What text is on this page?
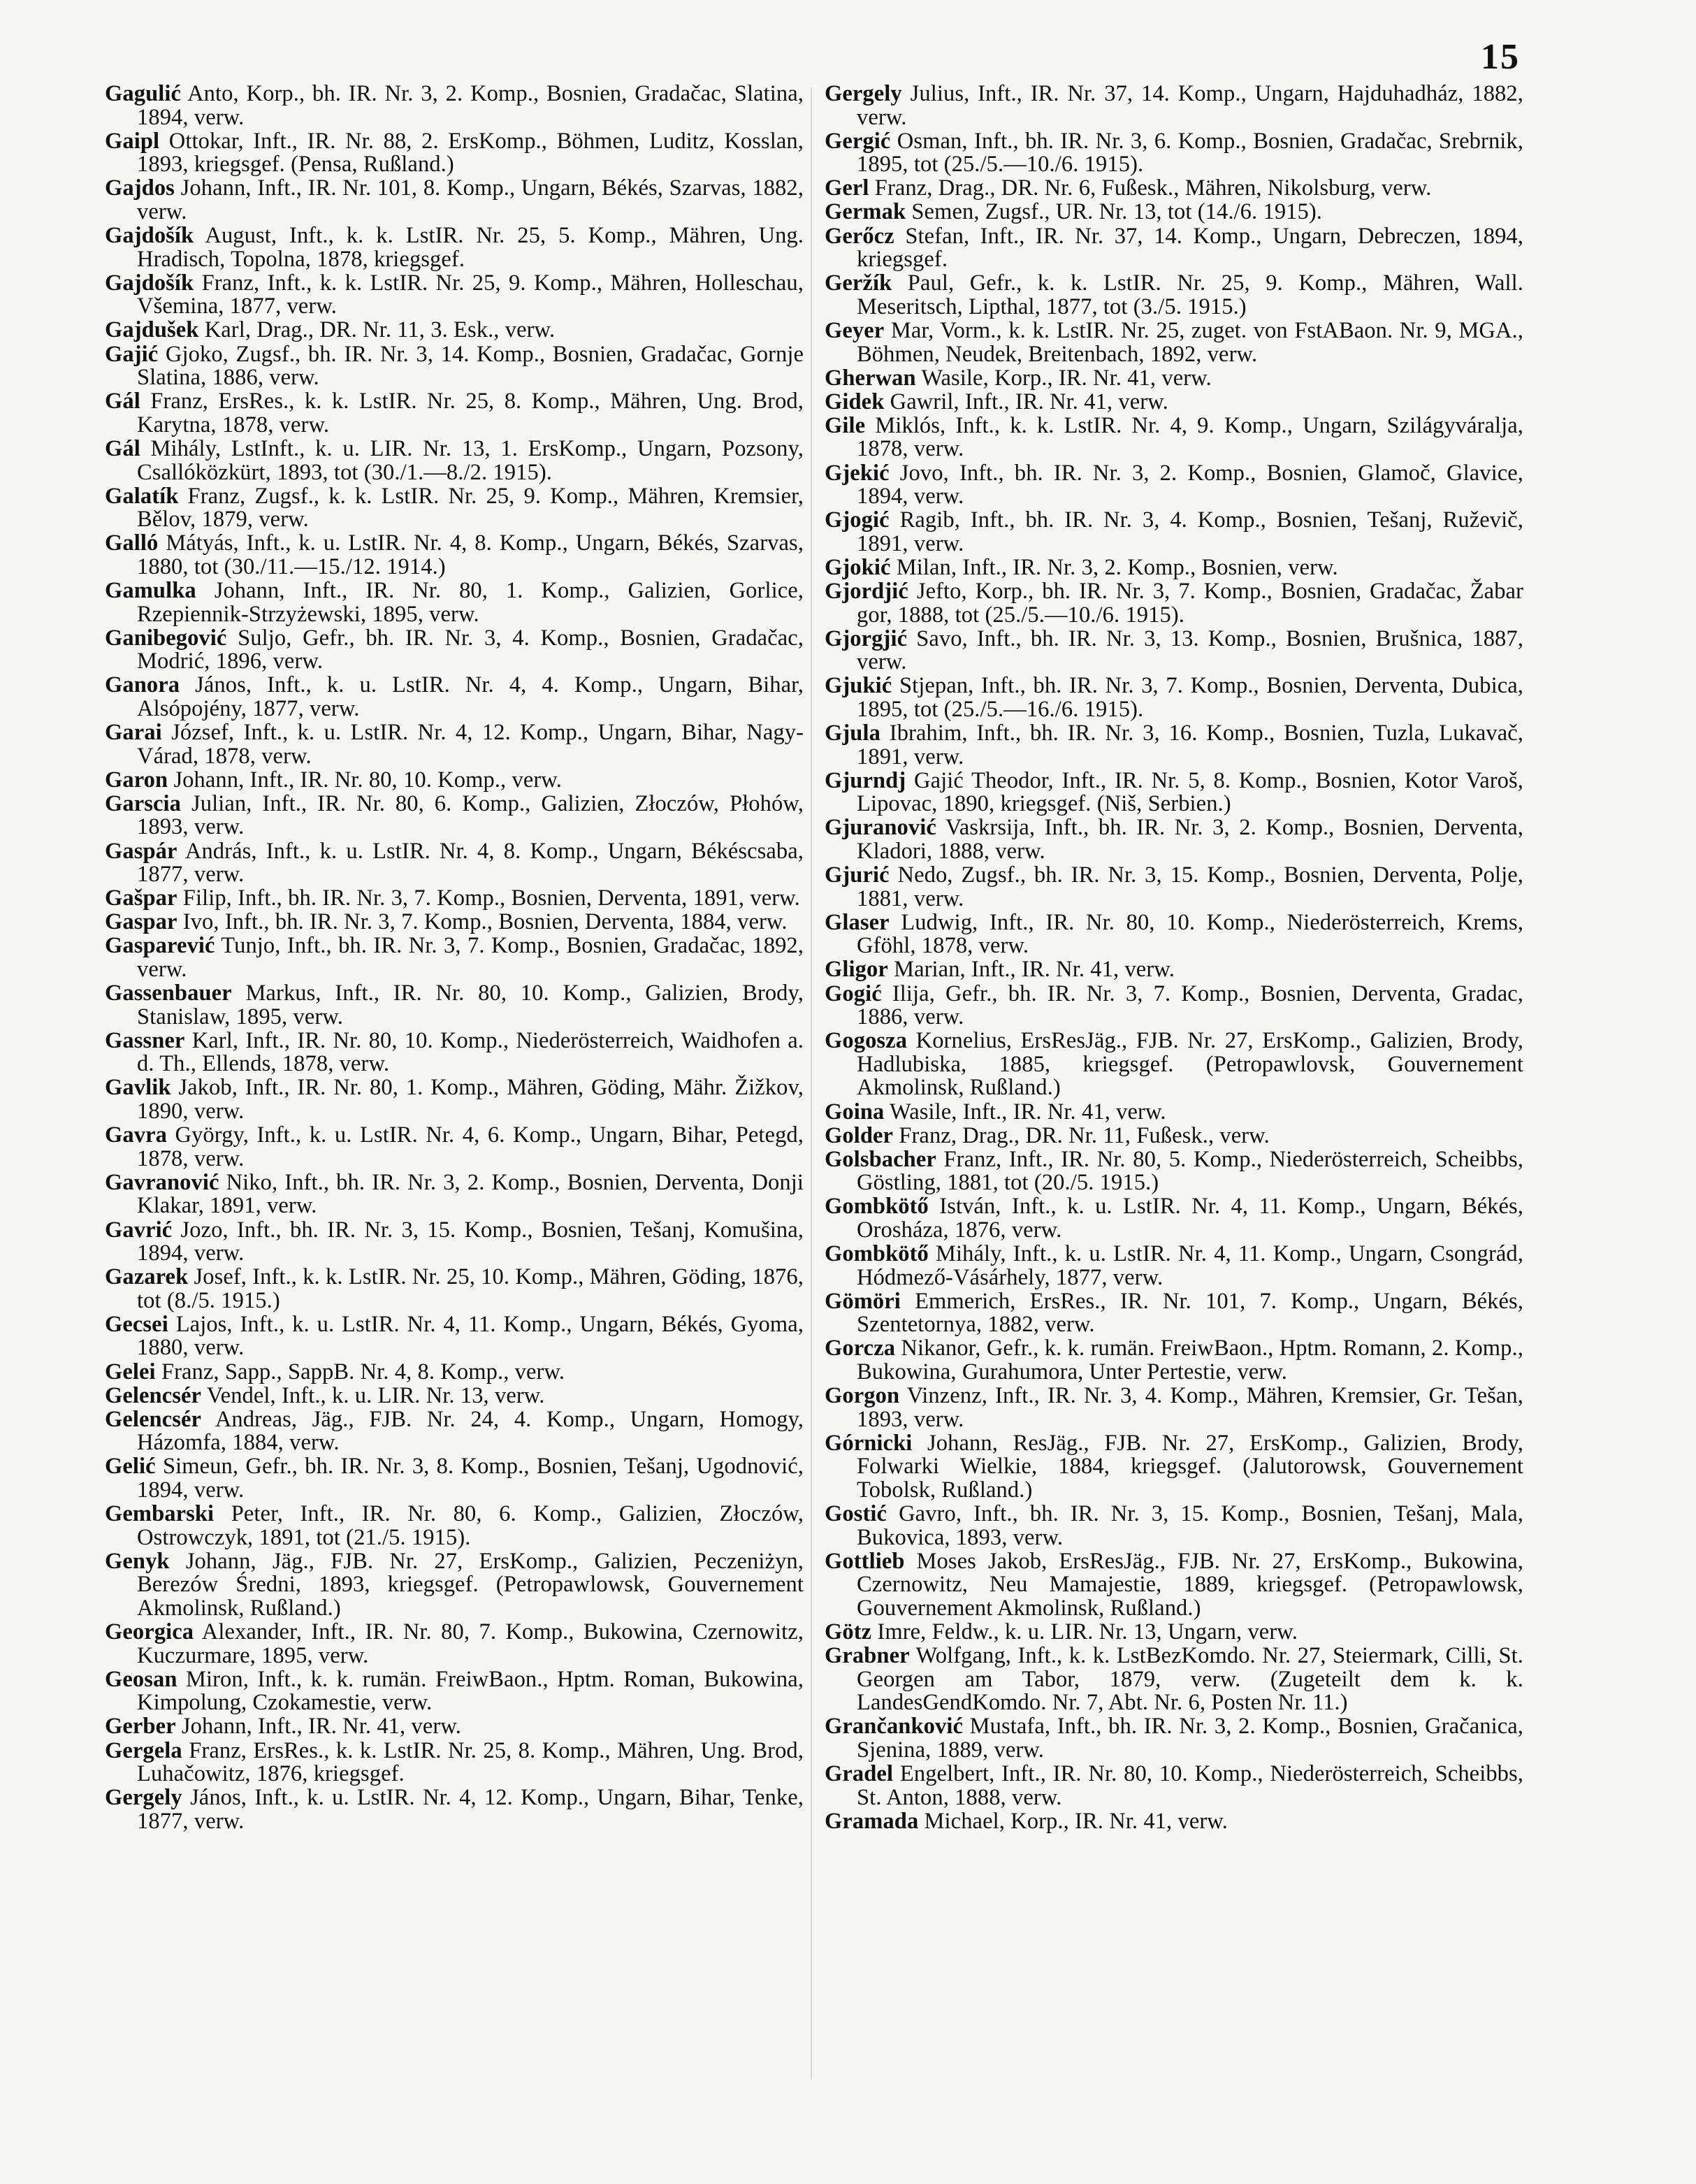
15

Gagulić Anto, Korp., bh. IR. Nr. 3, 2. Komp., Bosnien, Gradačac, Slatina, 1894, verw.

Gaipl Ottokar, Inft., IR. Nr. 88, 2. ErsKomp., Böhmen, Luditz, Kosslan, 1893, kriegsgef. (Pensa, Rußland.)

Gajdos Johann, Inft., IR. Nr. 101, 8. Komp., Ungarn, Békés, Szarvas, 1882, verw.

Gajdošík August, Inft., k. k. LstIR. Nr. 25, 5. Komp., Mähren, Ung. Hradisch, Topolna, 1878, kriegsgef.

Gajdošík Franz, Inft., k. k. LstIR. Nr. 25, 9. Komp., Mähren, Holleschau, Všemina, 1877, verw.

Gajdušek Karl, Drag., DR. Nr. 11, 3. Esk., verw.

Gajić Gjoko, Zugsf., bh. IR. Nr. 3, 14. Komp., Bosnien, Gradačac, Gornje Slatina, 1886, verw.

Gál Franz, ErsRes., k. k. LstIR. Nr. 25, 8. Komp., Mähren, Ung. Brod, Karytna, 1878, verw.

Gál Mihály, LstInft., k. u. LIR. Nr. 13, 1. ErsKomp., Ungarn, Pozsony, Csallóközkürt, 1893, tot (30./1.—8./2. 1915).

Galatík Franz, Zugsf., k. k. LstIR. Nr. 25, 9. Komp., Mähren, Kremsier, Bělov, 1879, verw.

Galló Mátyás, Inft., k. u. LstIR. Nr. 4, 8. Komp., Ungarn, Békés, Szarvas, 1880, tot (30./11.—15./12. 1914.)

Gamulka Johann, Inft., IR. Nr. 80, 1. Komp., Galizien, Gorlice, Rzepiennik-Strzyżewski, 1895, verw.

Ganibegović Suljo, Gefr., bh. IR. Nr. 3, 4. Komp., Bosnien, Gradačac, Modrić, 1896, verw.

Ganora János, Inft., k. u. LstIR. Nr. 4, 4. Komp., Ungarn, Bihar, Alsópojény, 1877, verw.

Garai József, Inft., k. u. LstIR. Nr. 4, 12. Komp., Ungarn, Bihar, Nagy-Várad, 1878, verw.

Garon Johann, Inft., IR. Nr. 80, 10. Komp., verw.

Garscia Julian, Inft., IR. Nr. 80, 6. Komp., Galizien, Złoczów, Płohów, 1893, verw.

Gaspár András, Inft., k. u. LstIR. Nr. 4, 8. Komp., Ungarn, Békéscsaba, 1877, verw.

Gašpar Filip, Inft., bh. IR. Nr. 3, 7. Komp., Bosnien, Derventa, 1891, verw.

Gaspar Ivo, Inft., bh. IR. Nr. 3, 7. Komp., Bosnien, Derventa, 1884, verw.

Gasparević Tunjo, Inft., bh. IR. Nr. 3, 7. Komp., Bosnien, Gradačac, 1892, verw.

Gassenbauer Markus, Inft., IR. Nr. 80, 10. Komp., Galizien, Brody, Stanislaw, 1895, verw.

Gassner Karl, Inft., IR. Nr. 80, 10. Komp., Niederösterreich, Waidhofen a. d. Th., Ellends, 1878, verw.

Gavlik Jakob, Inft., IR. Nr. 80, 1. Komp., Mähren, Göding, Mähr. Žižkov, 1890, verw.

Gavra György, Inft., k. u. LstIR. Nr. 4, 6. Komp., Ungarn, Bihar, Petegd, 1878, verw.

Gavranović Niko, Inft., bh. IR. Nr. 3, 2. Komp., Bosnien, Derventa, Donji Klakar, 1891, verw.

Gavrić Jozo, Inft., bh. IR. Nr. 3, 15. Komp., Bosnien, Tešanj, Komušina, 1894, verw.

Gazarek Josef, Inft., k. k. LstIR. Nr. 25, 10. Komp., Mähren, Göding, 1876, tot (8./5. 1915.)

Gecsei Lajos, Inft., k. u. LstIR. Nr. 4, 11. Komp., Ungarn, Békés, Gyoma, 1880, verw.

Gelei Franz, Sapp., SappB. Nr. 4, 8. Komp., verw.

Gelencsér Vendel, Inft., k. u. LIR. Nr. 13, verw.

Gelencsér Andreas, Jäg., FJB. Nr. 24, 4. Komp., Ungarn, Homogy, Házomfa, 1884, verw.

Gelić Simeun, Gefr., bh. IR. Nr. 3, 8. Komp., Bosnien, Tešanj, Ugodnović, 1894, verw.

Gembarski Peter, Inft., IR. Nr. 80, 6. Komp., Galizien, Złoczów, Ostrowczyk, 1891, tot (21./5. 1915).

Genyk Johann, Jäg., FJB. Nr. 27, ErsKomp., Galizien, Peczeniżyn, Berezów Średni, 1893, kriegsgef. (Petropawlowsk, Gouvernement Akmolinsk, Rußland.)

Georgica Alexander, Inft., IR. Nr. 80, 7. Komp., Bukowina, Czernowitz, Kuczurmare, 1895, verw.

Geosan Miron, Inft., k. k. rumän. FreiwBaon., Hptm. Roman, Bukowina, Kimpolung, Czokamestie, verw.

Gerber Johann, Inft., IR. Nr. 41, verw.

Gergela Franz, ErsRes., k. k. LstIR. Nr. 25, 8. Komp., Mähren, Ung. Brod, Luhačowitz, 1876, kriegsgef.

Gergely János, Inft., k. u. LstIR. Nr. 4, 12. Komp., Ungarn, Bihar, Tenke, 1877, verw.

Gergely Julius, Inft., IR. Nr. 37, 14. Komp., Ungarn, Hajduhadház, 1882, verw.

Gergić Osman, Inft., bh. IR. Nr. 3, 6. Komp., Bosnien, Gradačac, Srebrnik, 1895, tot (25./5.—10./6. 1915).

Gerl Franz, Drag., DR. Nr. 6, Fußesk., Mähren, Nikolsburg, verw.

Germak Semen, Zugsf., UR. Nr. 13, tot (14./6. 1915).

Gerőcz Stefan, Inft., IR. Nr. 37, 14. Komp., Ungarn, Debreczen, 1894, kriegsgef.

Geržík Paul, Gefr., k. k. LstIR. Nr. 25, 9. Komp., Mähren, Wall. Meseritsch, Lipthal, 1877, tot (3./5. 1915.)

Geyer Mar, Vorm., k. k. LstIR. Nr. 25, zuget. von FstABaon. Nr. 9, MGA., Böhmen, Neudek, Breitenbach, 1892, verw.

Gherwan Wasile, Korp., IR. Nr. 41, verw.

Gidek Gawril, Inft., IR. Nr. 41, verw.

Gile Miklós, Inft., k. k. LstIR. Nr. 4, 9. Komp., Ungarn, Szilágyváralja, 1878, verw.

Gjekić Jovo, Inft., bh. IR. Nr. 3, 2. Komp., Bosnien, Glamoč, Glavice, 1894, verw.

Gjogić Ragib, Inft., bh. IR. Nr. 3, 4. Komp., Bosnien, Tešanj, Ruževič, 1891, verw.

Gjokić Milan, Inft., IR. Nr. 3, 2. Komp., Bosnien, verw.

Gjordjić Jefto, Korp., bh. IR. Nr. 3, 7. Komp., Bosnien, Gradačac, Žabar gor, 1888, tot (25./5.—10./6. 1915).

Gjorgjić Savo, Inft., bh. IR. Nr. 3, 13. Komp., Bosnien, Brušnica, 1887, verw.

Gjukić Stjepan, Inft., bh. IR. Nr. 3, 7. Komp., Bosnien, Derventa, Dubica, 1895, tot (25./5.—16./6. 1915).

Gjula Ibrahim, Inft., bh. IR. Nr. 3, 16. Komp., Bosnien, Tuzla, Lukavač, 1891, verw.

Gjurndj Gajić Theodor, Inft., IR. Nr. 5, 8. Komp., Bosnien, Kotor Varoš, Lipovac, 1890, kriegsgef. (Niš, Serbien.)

Gjuranović Vaskrsija, Inft., bh. IR. Nr. 3, 2. Komp., Bosnien, Derventa, Kladori, 1888, verw.

Gjurić Nedo, Zugsf., bh. IR. Nr. 3, 15. Komp., Bosnien, Derventa, Polje, 1881, verw.

Glaser Ludwig, Inft., IR. Nr. 80, 10. Komp., Niederösterreich, Krems, Gföhl, 1878, verw.

Gligor Marian, Inft., IR. Nr. 41, verw.

Gogić Ilija, Gefr., bh. IR. Nr. 3, 7. Komp., Bosnien, Derventa, Gradac, 1886, verw.

Gogosza Kornelius, ErsResJäg., FJB. Nr. 27, ErsKomp., Galizien, Brody, Hadlubiska, 1885, kriegsgef. (Petropawlovsk, Gouvernement Akmolinsk, Rußland.)

Goina Wasile, Inft., IR. Nr. 41, verw.

Golder Franz, Drag., DR. Nr. 11, Fußesk., verw.

Golsbacher Franz, Inft., IR. Nr. 80, 5. Komp., Niederösterreich, Scheibbs, Göstling, 1881, tot (20./5. 1915.)

Gombkötő István, Inft., k. u. LstIR. Nr. 4, 11. Komp., Ungarn, Békés, Orosháza, 1876, verw.

Gombkötő Mihály, Inft., k. u. LstIR. Nr. 4, 11. Komp., Ungarn, Csongrád, Hódmező-Vásárhely, 1877, verw.

Gömöri Emmerich, ErsRes., IR. Nr. 101, 7. Komp., Ungarn, Békés, Szentetornya, 1882, verw.

Gorcza Nikanor, Gefr., k. k. rumän. FreiwBaon., Hptm. Romann, 2. Komp., Bukowina, Gurahumora, Unter Pertestie, verw.

Gorgon Vinzenz, Inft., IR. Nr. 3, 4. Komp., Mähren, Kremsier, Gr. Tešan, 1893, verw.

Górnicki Johann, ResJäg., FJB. Nr. 27, ErsKomp., Galizien, Brody, Folwarki Wielkie, 1884, kriegsgef. (Jalutorowsk, Gouvernement Tobolsk, Rußland.)

Gostić Gavro, Inft., bh. IR. Nr. 3, 15. Komp., Bosnien, Tešanj, Mala, Bukovica, 1893, verw.

Gottlieb Moses Jakob, ErsResJäg., FJB. Nr. 27, ErsKomp., Bukowina, Czernowitz, Neu Mamajestie, 1889, kriegsgef. (Petropawlowsk, Gouvernement Akmolinsk, Rußland.)

Götz Imre, Feldw., k. u. LIR. Nr. 13, Ungarn, verw.

Grabner Wolfgang, Inft., k. k. LstBezKomdo. Nr. 27, Steiermark, Cilli, St. Georgen am Tabor, 1879, verw. (Zugeteilt dem k. k. LandesGendKomdo. Nr. 7, Abt. Nr. 6, Posten Nr. 11.)

Grančanković Mustafa, Inft., bh. IR. Nr. 3, 2. Komp., Bosnien, Gračanica, Sjenina, 1889, verw.

Gradel Engelbert, Inft., IR. Nr. 80, 10. Komp., Niederösterreich, Scheibbs, St. Anton, 1888, verw.

Gramada Michael, Korp., IR. Nr. 41, verw.
